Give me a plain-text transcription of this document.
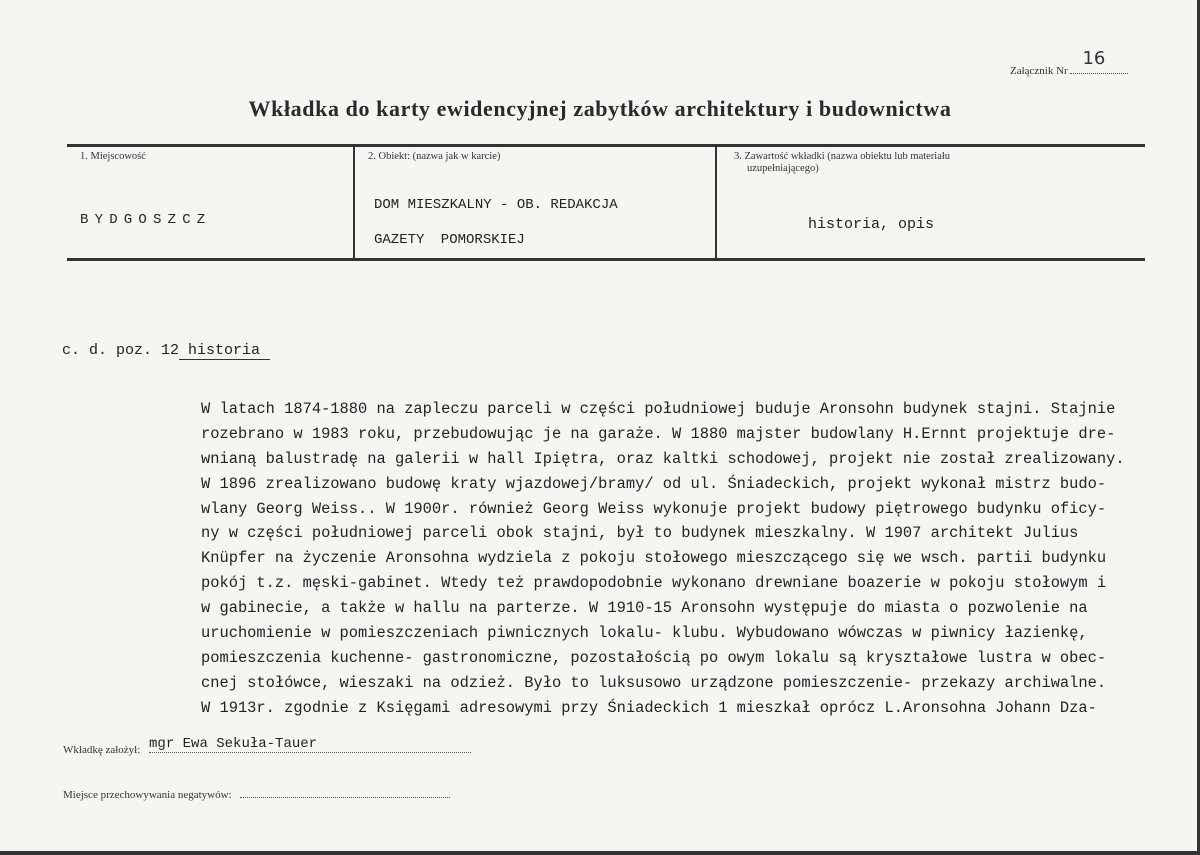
Załącznik Nr
16
Wkładka do karty ewidencyjnej zabytków architektury i budownictwa
1. Miejscowość
BYDGOSZCZ
2. Obiekt: (nazwa jak w karcie)
DOM MIESZKALNY - OB. REDAKCJA
GAZETY POMORSKIEJ
3. Zawartość wkładki (nazwa obiektu lub materiału
uzupełniającego)
historia, opis
c. d. poz. 12 historia
W latach 1874-1880 na zapleczu parceli w części południowej buduje Aronsohn budynek stajni. Stajnie
rozebrano w 1983 roku, przebudowując je na garaże. W 1880 majster budowlany H.Ernnt projektuje dre-
wnianą balustradę na galerii w hall Ipiętra, oraz kaltki schodowej, projekt nie został zrealizowany.
W 1896 zrealizowano budowę kraty wjazdowej/bramy/ od ul. Śniadeckich, projekt wykonał mistrz budo-
wlany Georg Weiss.. W 1900r. również Georg Weiss wykonuje projekt budowy piętrowego budynku oficy-
ny w części południowej parceli obok stajni, był to budynek mieszkalny. W 1907 architekt Julius
Knüpfer na życzenie Aronsohna wydziela z pokoju stołowego mieszczącego się we wsch. partii budynku
pokój t.z. męski-gabinet. Wtedy też prawdopodobnie wykonano drewniane boazerie w pokoju stołowym i
w gabinecie, a także w hallu na parterze. W 1910-15 Aronsohn występuje do miasta o pozwolenie na
uruchomienie w pomieszczeniach piwnicznych lokalu- klubu. Wybudowano wówczas w piwnicy łazienkę,
pomieszczenia kuchenne- gastronomiczne, pozostałością po owym lokalu są kryształowe lustra w obec-
cnej stołówce, wieszaki na odzież. Było to luksusowo urządzone pomieszczenie- przekazy archiwalne.
W 1913r. zgodnie z Księgami adresowymi przy Śniadeckich 1 mieszkał oprócz L.Aronsohna Johann Dza-
Wkładkę założył: mgr Ewa Sekuła-Tauer
Miejsce przechowywania negatywów:
